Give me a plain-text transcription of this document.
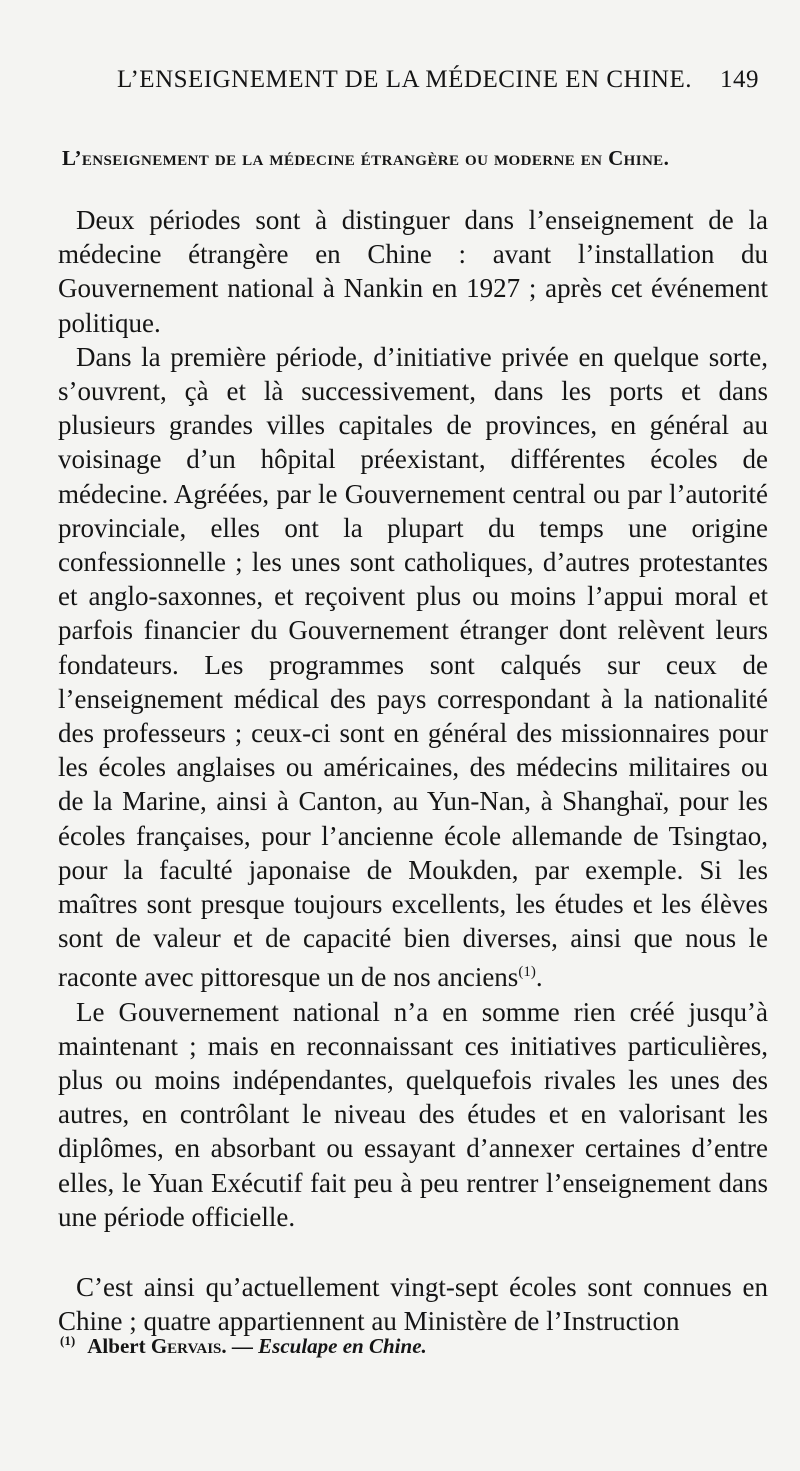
L’ENSEIGNEMENT DE LA MÉDECINE EN CHINE. 149
L’enseignement de la médecine étrangère ou moderne en Chine.

Deux périodes sont à distinguer dans l’enseignement de la médecine étrangère en Chine : avant l’installation du Gouvernement national à Nankin en 1927 ; après cet événement politique.

Dans la première période, d’initiative privée en quelque sorte, s’ouvrent, çà et là successivement, dans les ports et dans plusieurs grandes villes capitales de provinces, en général au voisinage d’un hôpital préexistant, différentes écoles de médecine. Agréées, par le Gouvernement central ou par l’autorité provinciale, elles ont la plupart du temps une origine confessionnelle ; les unes sont catholiques, d’autres protestantes et anglo-saxonnes, et reçoivent plus ou moins l’appui moral et parfois financier du Gouvernement étranger dont relèvent leurs fondateurs. Les programmes sont calqués sur ceux de l’enseignement médical des pays correspondant à la nationalité des professeurs ; ceux-ci sont en général des missionnaires pour les écoles anglaises ou américaines, des médecins militaires ou de la Marine, ainsi à Canton, au Yun-Nan, à Shanghaï, pour les écoles françaises, pour l’ancienne école allemande de Tsingtao, pour la faculté japonaise de Moukden, par exemple. Si les maîtres sont presque toujours excellents, les études et les élèves sont de valeur et de capacité bien diverses, ainsi que nous le raconte avec pittoresque un de nos anciens$^{(1)}$.

Le Gouvernement national n’a en somme rien créé jusqu’à maintenant ; mais en reconnaissant ces initiatives particulières, plus ou moins indépendantes, quelquefois rivales les unes des autres, en contrôlant le niveau des études et en valorisant les diplômes, en absorbant ou essayant d’annexer certaines d’entre elles, le Yuan Exécutif fait peu à peu rentrer l’enseignement dans une période officielle.

C’est ainsi qu’actuellement vingt-sept écoles sont connues en Chine ; quatre appartiennent au Ministère de l’Instruction

$^{(1)}$ Albert Gervais. — Esculape en Chine.
